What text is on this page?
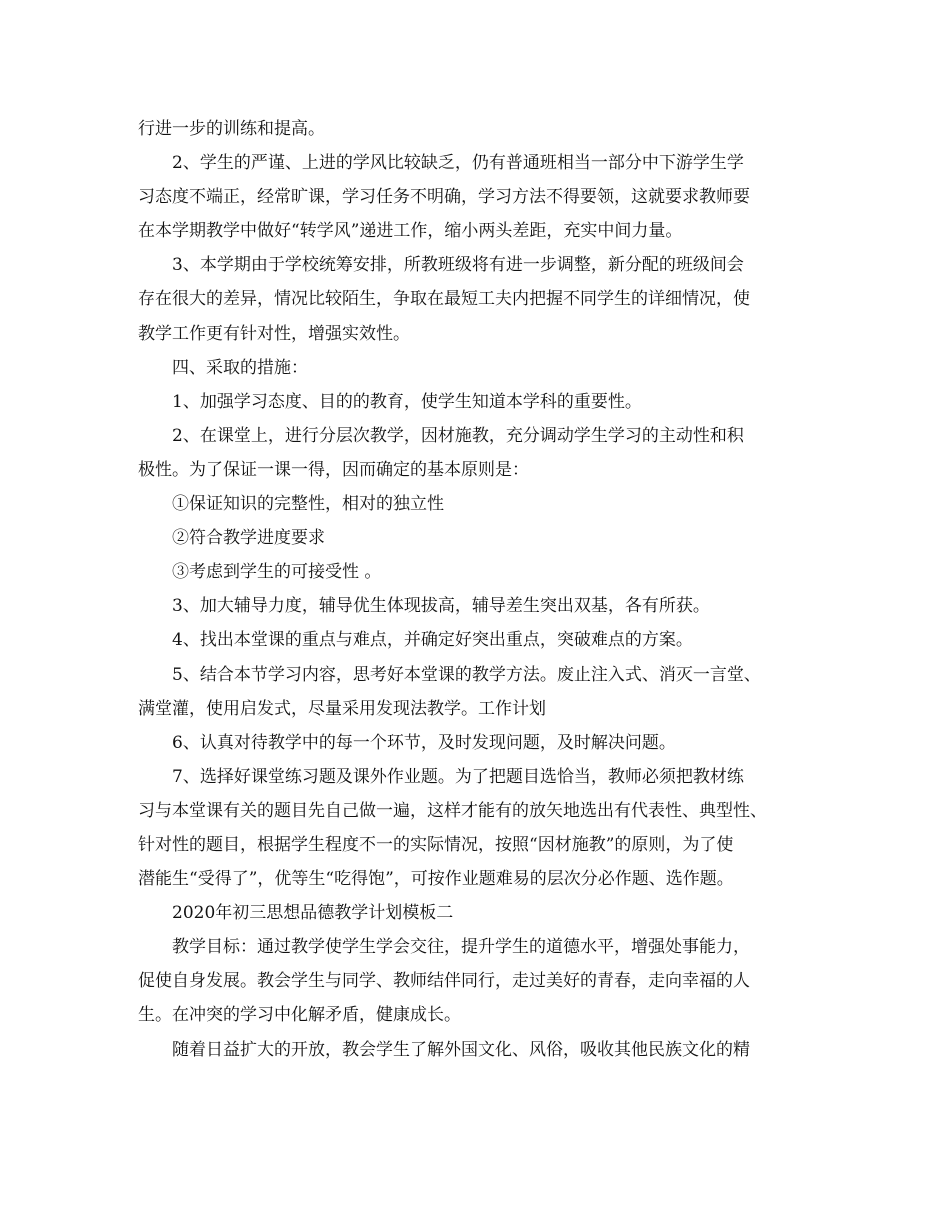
行进一步的训练和提高。
2、学生的严谨、上进的学风比较缺乏，仍有普通班相当一部分中下游学生学
习态度不端正，经常旷课，学习任务不明确，学习方法不得要领，这就要求教师要
在本学期教学中做好“转学风”递进工作，缩小两头差距，充实中间力量。
3、本学期由于学校统筹安排，所教班级将有进一步调整，新分配的班级间会
存在很大的差异，情况比较陌生，争取在最短工夫内把握不同学生的详细情况，使
教学工作更有针对性，增强实效性。
四、采取的措施：
1、加强学习态度、目的的教育，使学生知道本学科的重要性。
2、在课堂上，进行分层次教学，因材施教，充分调动学生学习的主动性和积
极性。为了保证一课一得，因而确定的基本原则是：
①保证知识的完整性，相对的独立性
②符合教学进度要求
③考虑到学生的可接受性 。
3、加大辅导力度，辅导优生体现拔高，辅导差生突出双基，各有所获。
4、找出本堂课的重点与难点，并确定好突出重点，突破难点的方案。
5、结合本节学习内容，思考好本堂课的教学方法。废止注入式、消灭一言堂、
满堂灌，使用启发式，尽量采用发现法教学。工作计划
6、认真对待教学中的每一个环节，及时发现问题，及时解决问题。
7、选择好课堂练习题及课外作业题。为了把题目选恰当，教师必须把教材练
习与本堂课有关的题目先自己做一遍，这样才能有的放矢地选出有代表性、典型性、
针对性的题目，根据学生程度不一的实际情况，按照“因材施教”的原则，为了使
潜能生“受得了”，优等生“吃得饱”，可按作业题难易的层次分必作题、选作题。
2020年初三思想品德教学计划模板二
教学目标：通过教学使学生学会交往，提升学生的道德水平，增强处事能力，
促使自身发展。教会学生与同学、教师结伴同行，走过美好的青春，走向幸福的人
生。在冲突的学习中化解矛盾，健康成长。
随着日益扩大的开放，教会学生了解外国文化、风俗，吸收其他民族文化的精
